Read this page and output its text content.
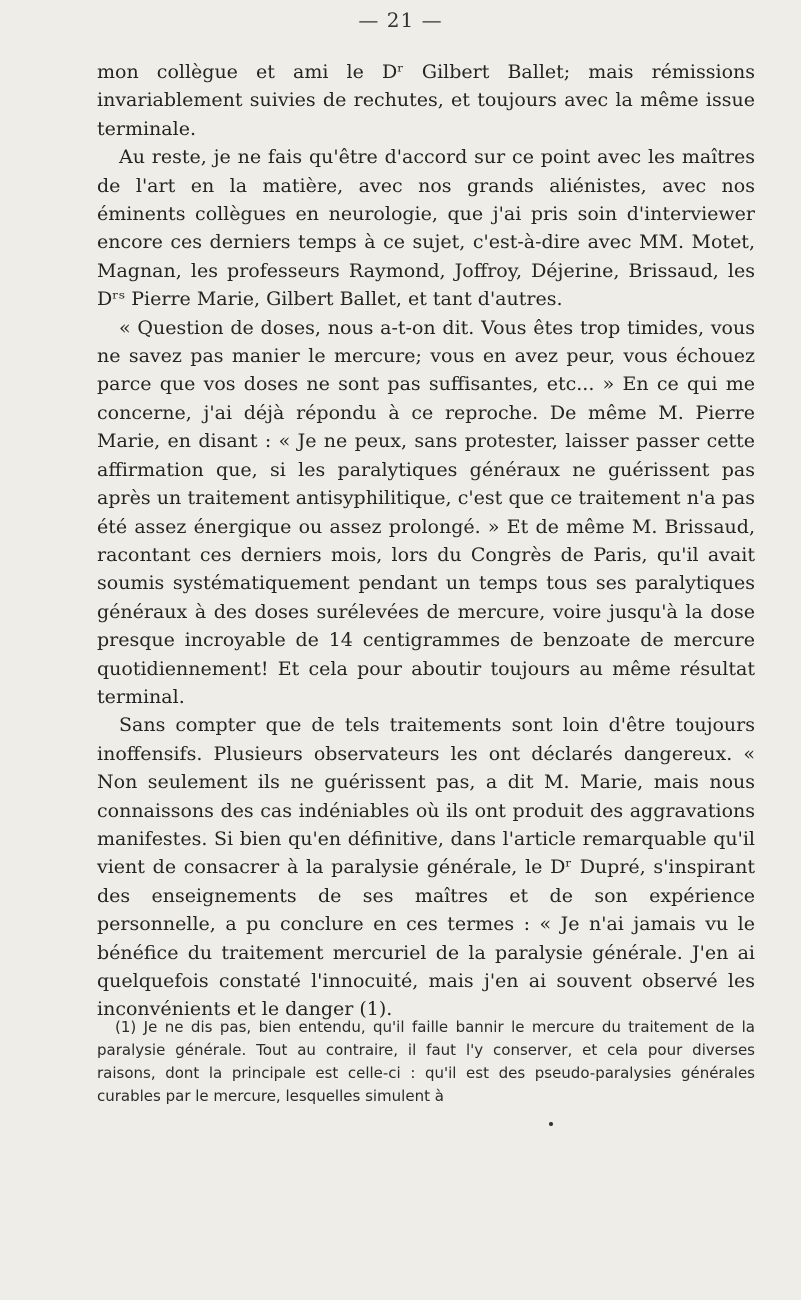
— 21 —

mon collègue et ami le Dʳ Gilbert Ballet; mais rémissions invariablement suivies de rechutes, et toujours avec la même issue terminale.

Au reste, je ne fais qu'être d'accord sur ce point avec les maîtres de l'art en la matière, avec nos grands aliénistes, avec nos éminents collègues en neurologie, que j'ai pris soin d'interviewer encore ces derniers temps à ce sujet, c'est-à-dire avec MM. Motet, Magnan, les professeurs Raymond, Joffroy, Déjerine, Brissaud, les Dʳˢ Pierre Marie, Gilbert Ballet, et tant d'autres.

« Question de doses, nous a-t-on dit. Vous êtes trop timides, vous ne savez pas manier le mercure; vous en avez peur, vous échouez parce que vos doses ne sont pas suffisantes, etc... » En ce qui me concerne, j'ai déjà répondu à ce reproche. De même M. Pierre Marie, en disant : « Je ne peux, sans protester, laisser passer cette affirmation que, si les paralytiques généraux ne guérissent pas après un traitement antisyphilitique, c'est que ce traitement n'a pas été assez énergique ou assez prolongé. » Et de même M. Brissaud, racontant ces derniers mois, lors du Congrès de Paris, qu'il avait soumis systématiquement pendant un temps tous ses paralytiques généraux à des doses surélevées de mercure, voire jusqu'à la dose presque incroyable de 14 centigrammes de benzoate de mercure quotidiennement! Et cela pour aboutir toujours au même résultat terminal.

Sans compter que de tels traitements sont loin d'être toujours inoffensifs. Plusieurs observateurs les ont déclarés dangereux. « Non seulement ils ne guérissent pas, a dit M. Marie, mais nous connaissons des cas indéniables où ils ont produit des aggravations manifestes. Si bien qu'en définitive, dans l'article remarquable qu'il vient de consacrer à la paralysie générale, le Dʳ Dupré, s'inspirant des enseignements de ses maîtres et de son expérience personnelle, a pu conclure en ces termes : « Je n'ai jamais vu le bénéfice du traitement mercuriel de la paralysie générale. J'en ai quelquefois constaté l'innocuité, mais j'en ai souvent observé les inconvénients et le danger (1).

(1) Je ne dis pas, bien entendu, qu'il faille bannir le mercure du traitement de la paralysie générale. Tout au contraire, il faut l'y conserver, et cela pour diverses raisons, dont la principale est celle-ci : qu'il est des pseudo-paralysies générales curables par le mercure, lesquelles simulent à
